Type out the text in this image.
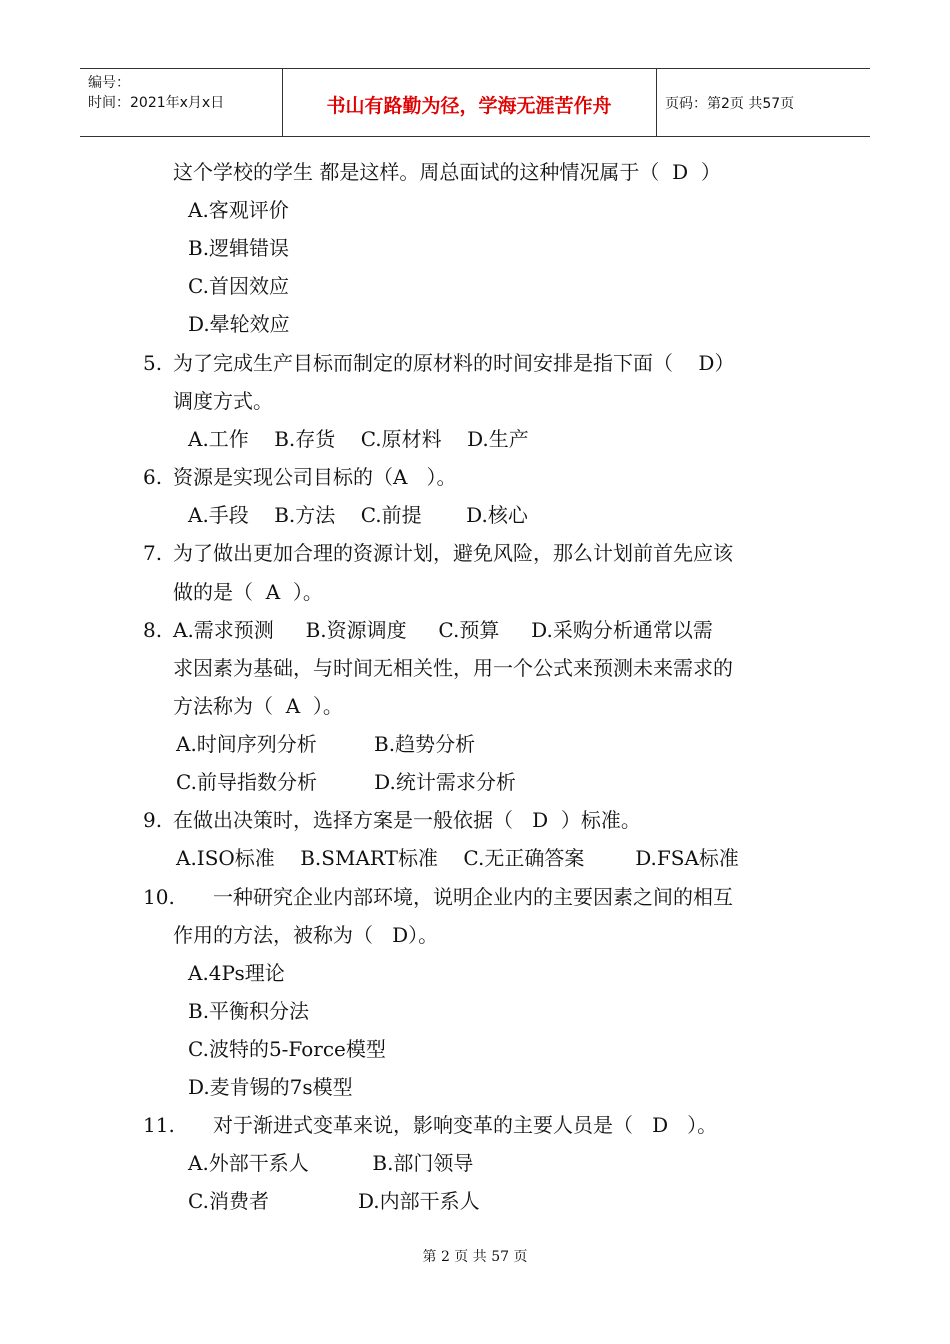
编号：
时间：2021年x月x日	书山有路勤为径，学海无涯苦作舟	页码：第2页 共57页
这个学校的学生 都是这样。周总面试的这种情况属于（  D  ）
A.客观评价
B.逻辑错误
C.首因效应
D.晕轮效应
5. 为了完成生产目标而制定的原材料的时间安排是指下面（    D）
调度方式。
A.工作    B.存货    C.原材料    D.生产
6. 资源是实现公司目标的（A   ）。
A.手段    B.方法    C.前提       D.核心
7. 为了做出更加合理的资源计划，避免风险，那么计划前首先应该
做的是（  A  ）。
8. A.需求预测     B.资源调度     C.预算     D.采购分析通常以需
求因素为基础，与时间无相关性，用一个公式来预测未来需求的
方法称为（  A  ）。
A.时间序列分析         B.趋势分析
C.前导指数分析         D.统计需求分析
9. 在做出决策时，选择方案是一般依据（   D  ）标准。
A.ISO标准    B.SMART标准    C.无正确答案        D.FSA标准
10. 一种研究企业内部环境，说明企业内的主要因素之间的相互
作用的方法，被称为（   D）。
A.4Ps理论
B.平衡积分法
C.波特的5-Force模型
D.麦肯锡的7s模型
11. 对于渐进式变革来说，影响变革的主要人员是（   D   ）。
A.外部干系人          B.部门领导
C.消费者              D.内部干系人
第 2 页 共 57 页
